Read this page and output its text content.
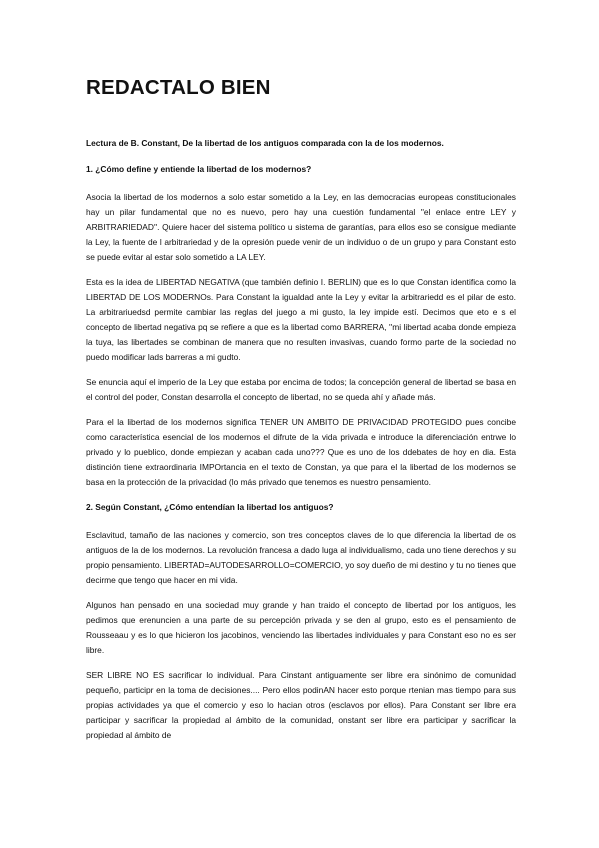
REDACTALO BIEN

Lectura de B. Constant, De la libertad de los antiguos comparada con la de los modernos.

1. ¿Cómo define y entiende la libertad de los modernos?

Asocia la libertad de los modernos a solo estar sometido a la Ley, en las democracias europeas constitucionales hay un pilar fundamental que no es nuevo, pero hay una cuestión fundamental ''el enlace entre LEY y ARBITRARIEDAD''. Quiere hacer del sistema político u sistema de garantías, para ellos eso se consigue mediante la Ley, la fuente de l arbitrariedad y de la opresión puede venir de un individuo o de un grupo y para Constant esto se puede evitar al estar solo sometido a LA LEY.

Esta es la idea de LIBERTAD NEGATIVA (que también definio I. BERLIN) que es lo que Constan identifica como la LIBERTAD DE LOS MODERNOs. Para Constant la igualdad ante la Ley y evitar la arbitrariedd es el pilar de esto. La arbitrariuedsd permite cambiar las reglas del juego a mi gusto, la ley impide estí. Decimos que eto e s el concepto de libertad negativa pq se refiere a que es la libertad como BARRERA, ''mi libertad acaba donde empieza la tuya, las libertades se combinan de manera que no resulten invasivas, cuando formo parte de la sociedad no puedo modificar lads barreras a mi gudto.

Se enuncia aquí el imperio de la Ley que estaba por encima de todos; la concepción general de libertad se basa en el control del poder, Constan desarrolla el concepto de libertad, no se queda ahí y añade más.

Para el la libertad de los modernos significa TENER UN AMBITO DE PRIVACIDAD PROTEGIDO pues concibe como característica esencial de los modernos el difrute de la vida privada e introduce la diferenciación entrwe lo privado y lo pueblico, donde empiezan y acaban cada uno??? Que es uno de los ddebates de hoy en dia. Esta distinción tiene extraordinaria IMPOrtancia en el texto de Constan, ya que para el la libertad de los modernos se basa en la protección de la privacidad (lo más privado que tenemos es nuestro pensamiento.

2. Según Constant, ¿Cómo entendían la libertad los antiguos?

Esclavitud, tamaño de las naciones y comercio, son tres conceptos claves de lo que diferencia la libertad de os antiguos de la de los modernos. La revolución francesa a dado luga al individualismo, cada uno tiene derechos y su propio pensamiento. LIBERTAD=AUTODESARROLLO=COMERCIO, yo soy dueño de mi destino y tu no tienes que decirme que tengo que hacer en mi vida.

Algunos han pensado en una sociedad muy grande y han traido el concepto de libertad por los antiguos, les pedimos que erenuncien a una parte de su percepción privada y se den al grupo, esto es el pensamiento de Rousseaau y es lo que hicieron los jacobinos, venciendo las libertades individuales y para Constant eso no es ser libre.

SER LIBRE NO ES sacrificar lo individual. Para Cinstant antiguamente ser libre era sinónimo de comunidad pequeño, participr en la toma de decisiones.... Pero ellos podinAN hacer esto porque rtenian mas tiempo para sus propias actividades ya que el comercio y eso lo hacian otros (esclavos por ellos). Para Constant ser libre era participar y sacrificar la propiedad al ámbito de la comunidad, onstant ser libre era participar y sacrificar la propiedad al ámbito de
